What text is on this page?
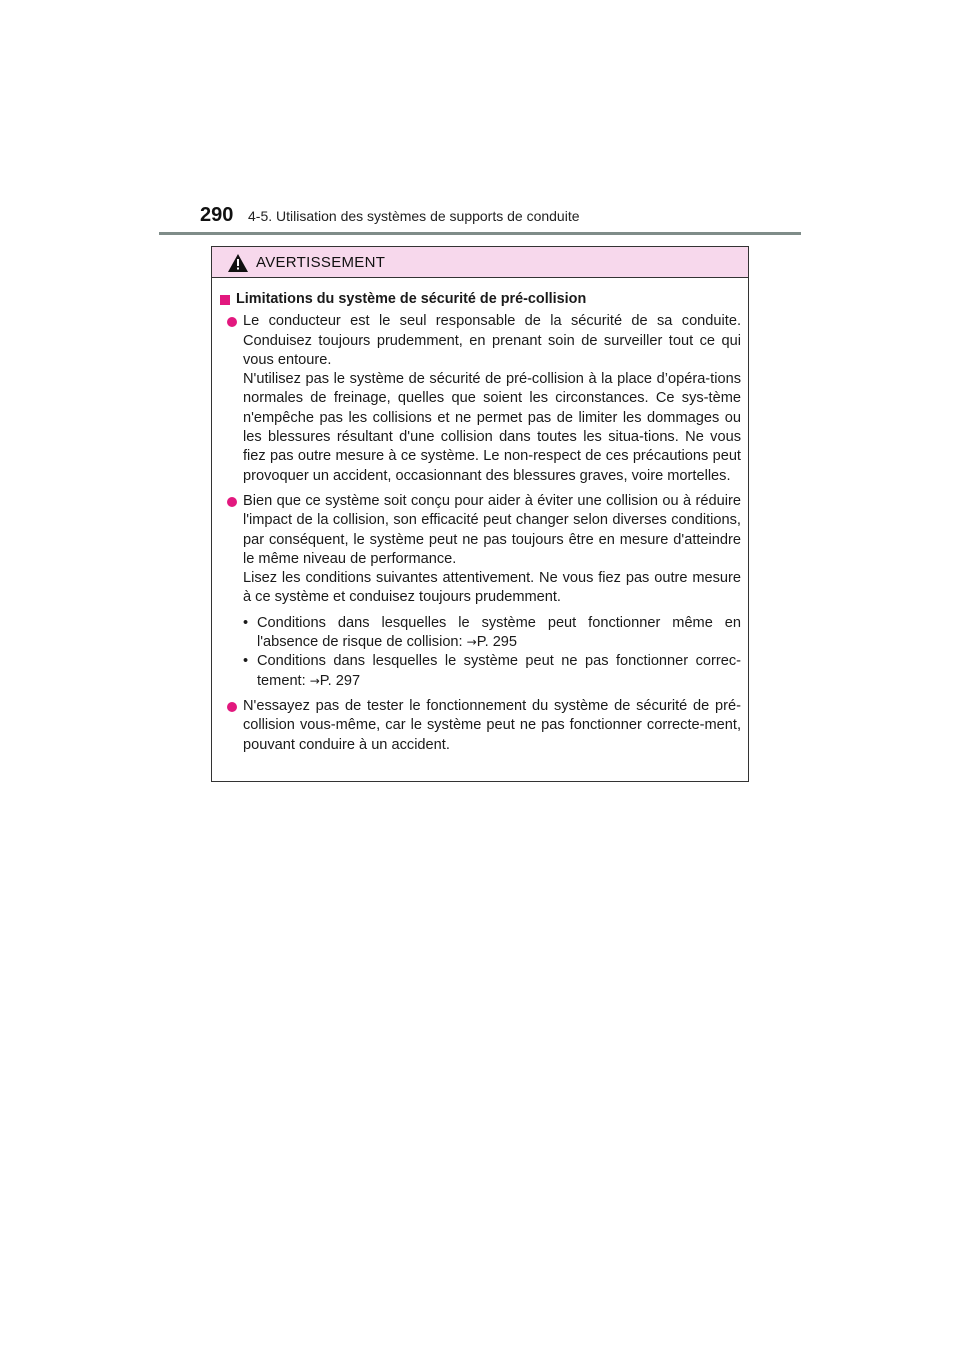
290 4-5. Utilisation des systèmes de supports de conduite
AVERTISSEMENT
Limitations du système de sécurité de pré-collision

Le conducteur est le seul responsable de la sécurité de sa conduite. Conduisez toujours prudemment, en prenant soin de surveiller tout ce qui vous entoure.

N'utilisez pas le système de sécurité de pré-collision à la place d’opéra-tions normales de freinage, quelles que soient les circonstances. Ce sys-tème n'empêche pas les collisions et ne permet pas de limiter les dommages ou les blessures résultant d'une collision dans toutes les situa-tions. Ne vous fiez pas outre mesure à ce système. Le non-respect de ces précautions peut provoquer un accident, occasionnant des blessures graves, voire mortelles.

Bien que ce système soit conçu pour aider à éviter une collision ou à réduire l'impact de la collision, son efficacité peut changer selon diverses conditions, par conséquent, le système peut ne pas toujours être en mesure d'atteindre le même niveau de performance.

Lisez les conditions suivantes attentivement. Ne vous fiez pas outre mesure à ce système et conduisez toujours prudemment.

• Conditions dans lesquelles le système peut fonctionner même en l'absence de risque de collision: →P. 295
• Conditions dans lesquelles le système peut ne pas fonctionner correc-tement: →P. 297

N'essayez pas de tester le fonctionnement du système de sécurité de pré-collision vous-même, car le système peut ne pas fonctionner correcte-ment, pouvant conduire à un accident.
